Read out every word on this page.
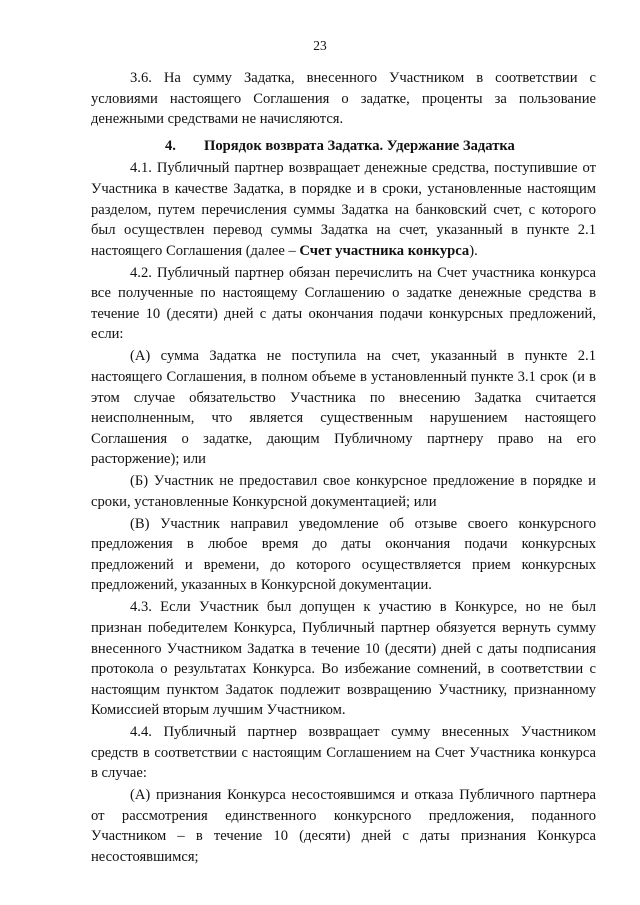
23

3.6. На сумму Задатка, внесенного Участником в соответствии с условиями настоящего Соглашения о задатке, проценты за пользование денежными средствами не начисляются.

4. Порядок возврата Задатка. Удержание Задатка

4.1. Публичный партнер возвращает денежные средства, поступившие от Участника в качестве Задатка, в порядке и в сроки, установленные настоящим разделом, путем перечисления суммы Задатка на банковский счет, с которого был осуществлен перевод суммы Задатка на счет, указанный в пункте 2.1 настоящего Соглашения (далее – Счет участника конкурса).

4.2. Публичный партнер обязан перечислить на Счет участника конкурса все полученные по настоящему Соглашению о задатке денежные средства в течение 10 (десяти) дней с даты окончания подачи конкурсных предложений, если:

(А) сумма Задатка не поступила на счет, указанный в пункте 2.1 настоящего Соглашения, в полном объеме в установленный пункте 3.1 срок (и в этом случае обязательство Участника по внесению Задатка считается неисполненным, что является существенным нарушением настоящего Соглашения о задатке, дающим Публичному партнеру право на его расторжение); или

(Б) Участник не предоставил свое конкурсное предложение в порядке и сроки, установленные Конкурсной документацией; или

(В) Участник направил уведомление об отзыве своего конкурсного предложения в любое время до даты окончания подачи конкурсных предложений и времени, до которого осуществляется прием конкурсных предложений, указанных в Конкурсной документации.

4.3. Если Участник был допущен к участию в Конкурсе, но не был признан победителем Конкурса, Публичный партнер обязуется вернуть сумму внесенного Участником Задатка в течение 10 (десяти) дней с даты подписания протокола о результатах Конкурса. Во избежание сомнений, в соответствии с настоящим пунктом Задаток подлежит возвращению Участнику, признанному Комиссией вторым лучшим Участником.

4.4. Публичный партнер возвращает сумму внесенных Участником средств в соответствии с настоящим Соглашением на Счет Участника конкурса в случае:

(А) признания Конкурса несостоявшимся и отказа Публичного партнера от рассмотрения единственного конкурсного предложения, поданного Участником – в течение 10 (десяти) дней с даты признания Конкурса несостоявшимся;
